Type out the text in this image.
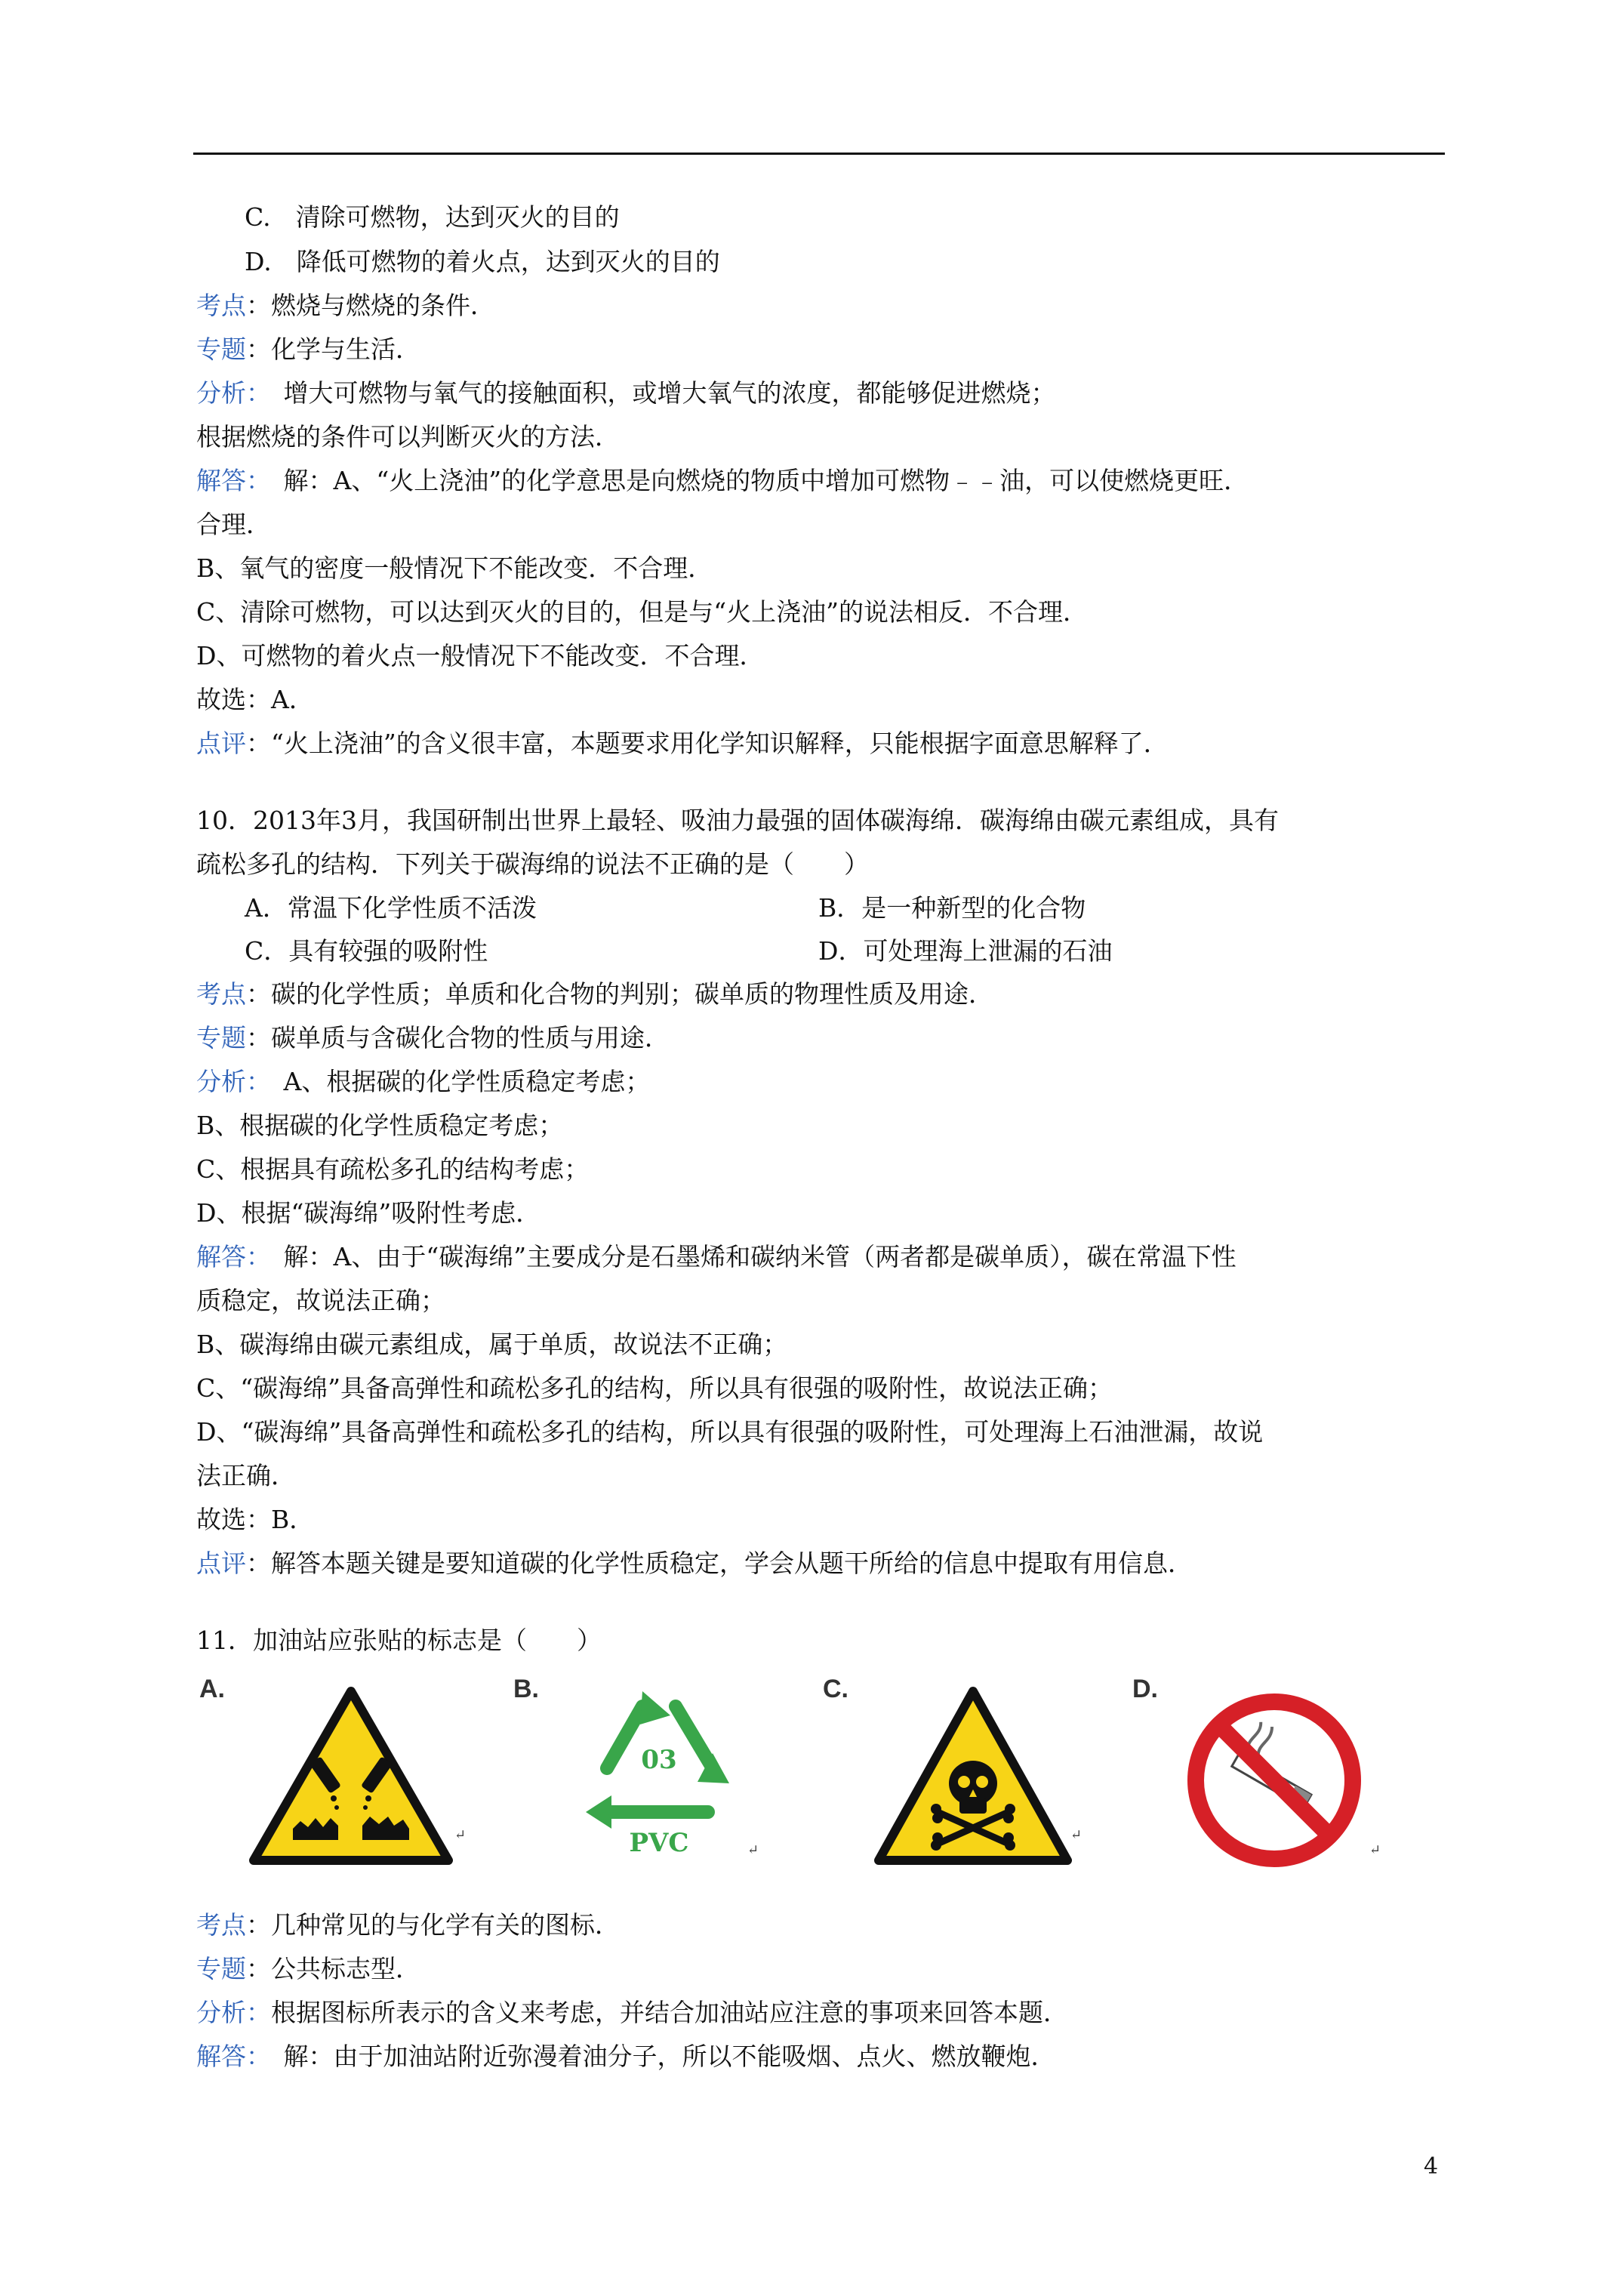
C.　清除可燃物，达到灭火的目的
D.　降低可燃物的着火点，达到灭火的目的
考点：燃烧与燃烧的条件．
专题：化学与生活．
分析：　增大可燃物与氧气的接触面积，或增大氧气的浓度，都能够促进燃烧；
根据燃烧的条件可以判断灭火的方法．
解答：　解：A、“火上浇油”的化学意思是向燃烧的物质中增加可燃物﹣﹣油，可以使燃烧更旺．
合理．
B、氧气的密度一般情况下不能改变．不合理．
C、清除可燃物，可以达到灭火的目的，但是与“火上浇油”的说法相反．不合理．
D、可燃物的着火点一般情况下不能改变．不合理．
故选：A．
点评：“火上浇油”的含义很丰富，本题要求用化学知识解释，只能根据字面意思解释了．
10．2013年3月，我国研制出世界上最轻、吸油力最强的固体碳海绵．碳海绵由碳元素组成，具有
疏松多孔的结构．下列关于碳海绵的说法不正确的是（　　）
A．常温下化学性质不活泼	B．是一种新型的化合物
C．具有较强的吸附性	D．可处理海上泄漏的石油
考点：碳的化学性质；单质和化合物的判别；碳单质的物理性质及用途．
专题：碳单质与含碳化合物的性质与用途．
分析：　A、根据碳的化学性质稳定考虑；
B、根据碳的化学性质稳定考虑；
C、根据具有疏松多孔的结构考虑；
D、根据“碳海绵”吸附性考虑．
解答：　解：A、由于“碳海绵”主要成分是石墨烯和碳纳米管（两者都是碳单质），碳在常温下性
质稳定，故说法正确；
B、碳海绵由碳元素组成，属于单质，故说法不正确；
C、“碳海绵”具备高弹性和疏松多孔的结构，所以具有很强的吸附性，故说法正确；
D、“碳海绵”具备高弹性和疏松多孔的结构，所以具有很强的吸附性，可处理海上石油泄漏，故说
法正确．
故选：B．
点评：解答本题关键是要知道碳的化学性质稳定，学会从题干所给的信息中提取有用信息．
11．加油站应张贴的标志是（　　）
A.
↵
B.
03
PVC	↵
C.
↵
D.
↵
考点：几种常见的与化学有关的图标．
专题：公共标志型．
分析：根据图标所表示的含义来考虑，并结合加油站应注意的事项来回答本题．
解答：　解：由于加油站附近弥漫着油分子，所以不能吸烟、点火、燃放鞭炮．
4
